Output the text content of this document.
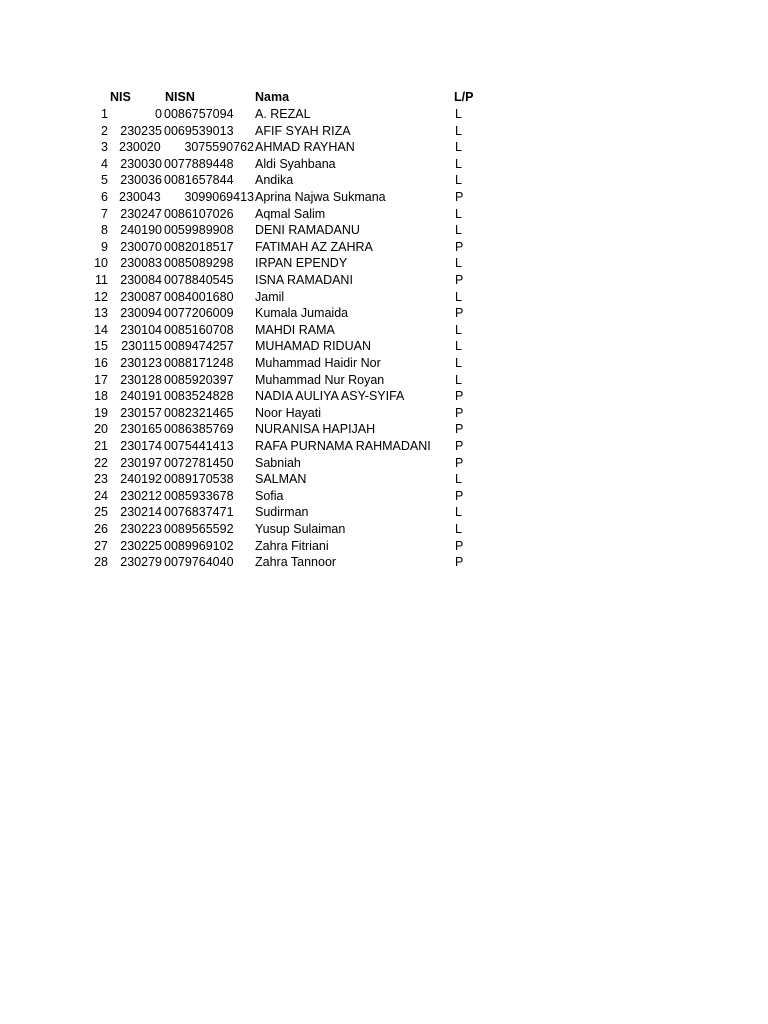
NIS	NISN	Nama	L/P
1	0 0086757094	A. REZAL	L
2 230235 0069539013	AFIF SYAH RIZA	L
3 230020	3075590762 AHMAD RAYHAN	L
4 230030 0077889448	Aldi Syahbana	L
5 230036 0081657844	Andika	L
6 230043	3099069413 Aprina Najwa Sukmana	P
7 230247 0086107026	Aqmal Salim	L
8 240190 0059989908	DENI RAMADANU	L
9 230070 0082018517	FATIMAH AZ ZAHRA	P
10 230083 0085089298	IRPAN EPENDY	L
11 230084 0078840545	ISNA RAMADANI	P
12 230087 0084001680	Jamil	L
13 230094 0077206009	Kumala Jumaida	P
14 230104 0085160708	MAHDI RAMA	L
15	230115 0089474257	MUHAMAD RIDUAN	L
16 230123 0088171248	Muhammad Haidir Nor	L
17 230128 0085920397	Muhammad Nur Royan	L
18 240191 0083524828	NADIA AULIYA ASY-SYIFA	P
19 230157 0082321465	Noor Hayati	P
20 230165 0086385769	NURANISA HAPIJAH	P
21 230174 0075441413	RAFA PURNAMA RAHMADANI	P
22 230197 0072781450	Sabniah	P
23 240192 0089170538	SALMAN	L
24 230212 0085933678	Sofia	P
25 230214 0076837471	Sudirman	L
26 230223 0089565592	Yusup Sulaiman	L
27 230225 0089969102	Zahra Fitriani	P
28 230279 0079764040	Zahra Tannoor	P
